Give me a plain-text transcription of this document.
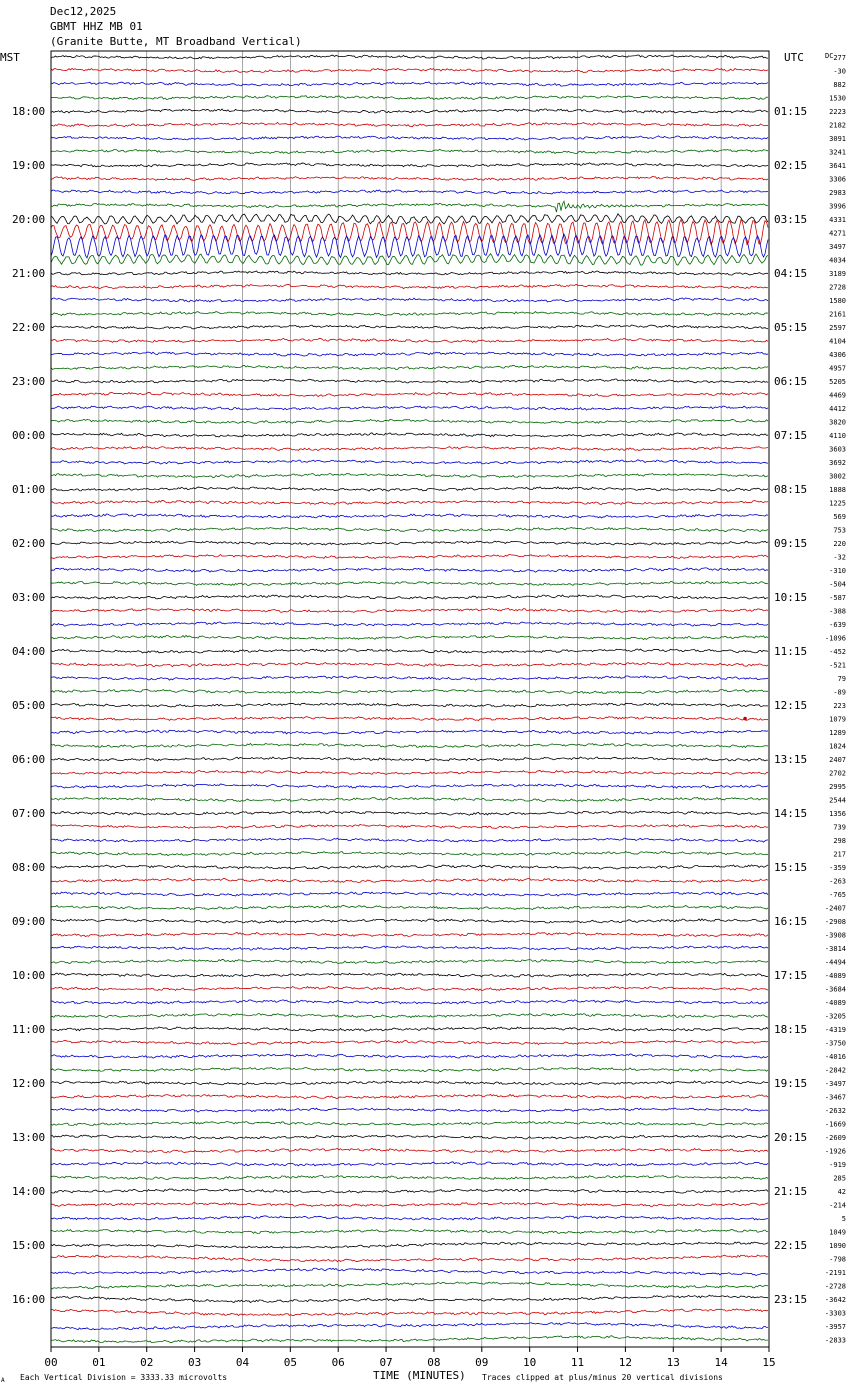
Dec12,2025
GBMT HHZ MB 01
(Granite Butte, MT Broadband Vertical)
00	01	02	03	04	05	06	07	08	09	10	11	12	13	14	15
277
-30
882
1530
2223
2182
3091
3241
3641
3306
2983
3996
4331
4271
3497
4034
3189
2728
1580
2161
2597
4104
4306
4957
5205
4469
4412
3820
4110
3603
3692
3002
1888
1225
569
753
220
-32
-310
-504
-587
-388
-639
-1096
-452
-521
79
-89
223
1079
1289
1824
2407
2702
2995
2544
1356
739
298
217
-359
-263
-765
-2407
-2908
-3908
-3814
-4494
-4089
-3684
-4089
-3205
-4319
-3750
-4016
-2842
-3497
-3467
-2632
-1669
-2609
-1926
-919
285
42
-214
5
1049
1090
-798
-2191
-2728
-3642
-3303
-3957
-2833
18:00
19:00
20:00
21:00
22:00
23:00
00:00
01:00
02:00
03:00
04:00
05:00
06:00
07:00
08:00
09:00
10:00
11:00
12:00
13:00
14:00
15:00
16:00
01:15
02:15
03:15
04:15
05:15
06:15
07:15
08:15
09:15
10:15
11:15
12:15
13:15
14:15
15:15
16:15
17:15
18:15
19:15
20:15
21:15
22:15
23:15
MST	UTC	DC
TIME (MINUTES)
Each Vertical Division = 3333.33 microvolts	Traces clipped at plus/minus 20 vertical divisions
A
